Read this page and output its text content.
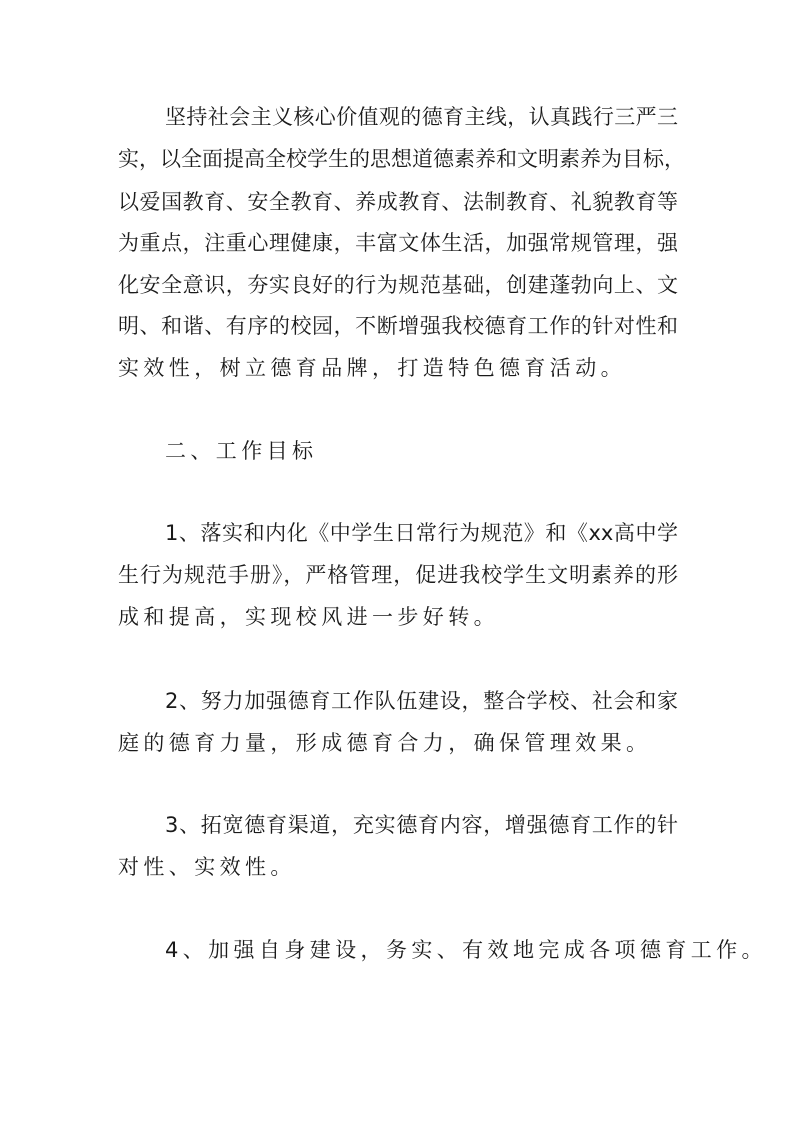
坚持社会主义核心价值观的德育主线，认真践行三严三
实，以全面提高全校学生的思想道德素养和文明素养为目标，
以爱国教育、安全教育、养成教育、法制教育、礼貌教育等
为重点，注重心理健康，丰富文体生活，加强常规管理，强
化安全意识，夯实良好的行为规范基础，创建蓬勃向上、文
明、和谐、有序的校园，不断增强我校德育工作的针对性和
实效性，树立德育品牌，打造特色德育活动。
二、工作目标
1、落实和内化《中学生日常行为规范》和《xx高中学
生行为规范手册》，严格管理，促进我校学生文明素养的形
成和提高，实现校风进一步好转。
2、努力加强德育工作队伍建设，整合学校、社会和家
庭的德育力量，形成德育合力，确保管理效果。
3、拓宽德育渠道，充实德育内容，增强德育工作的针
对性、实效性。
4、加强自身建设，务实、有效地完成各项德育工作。
